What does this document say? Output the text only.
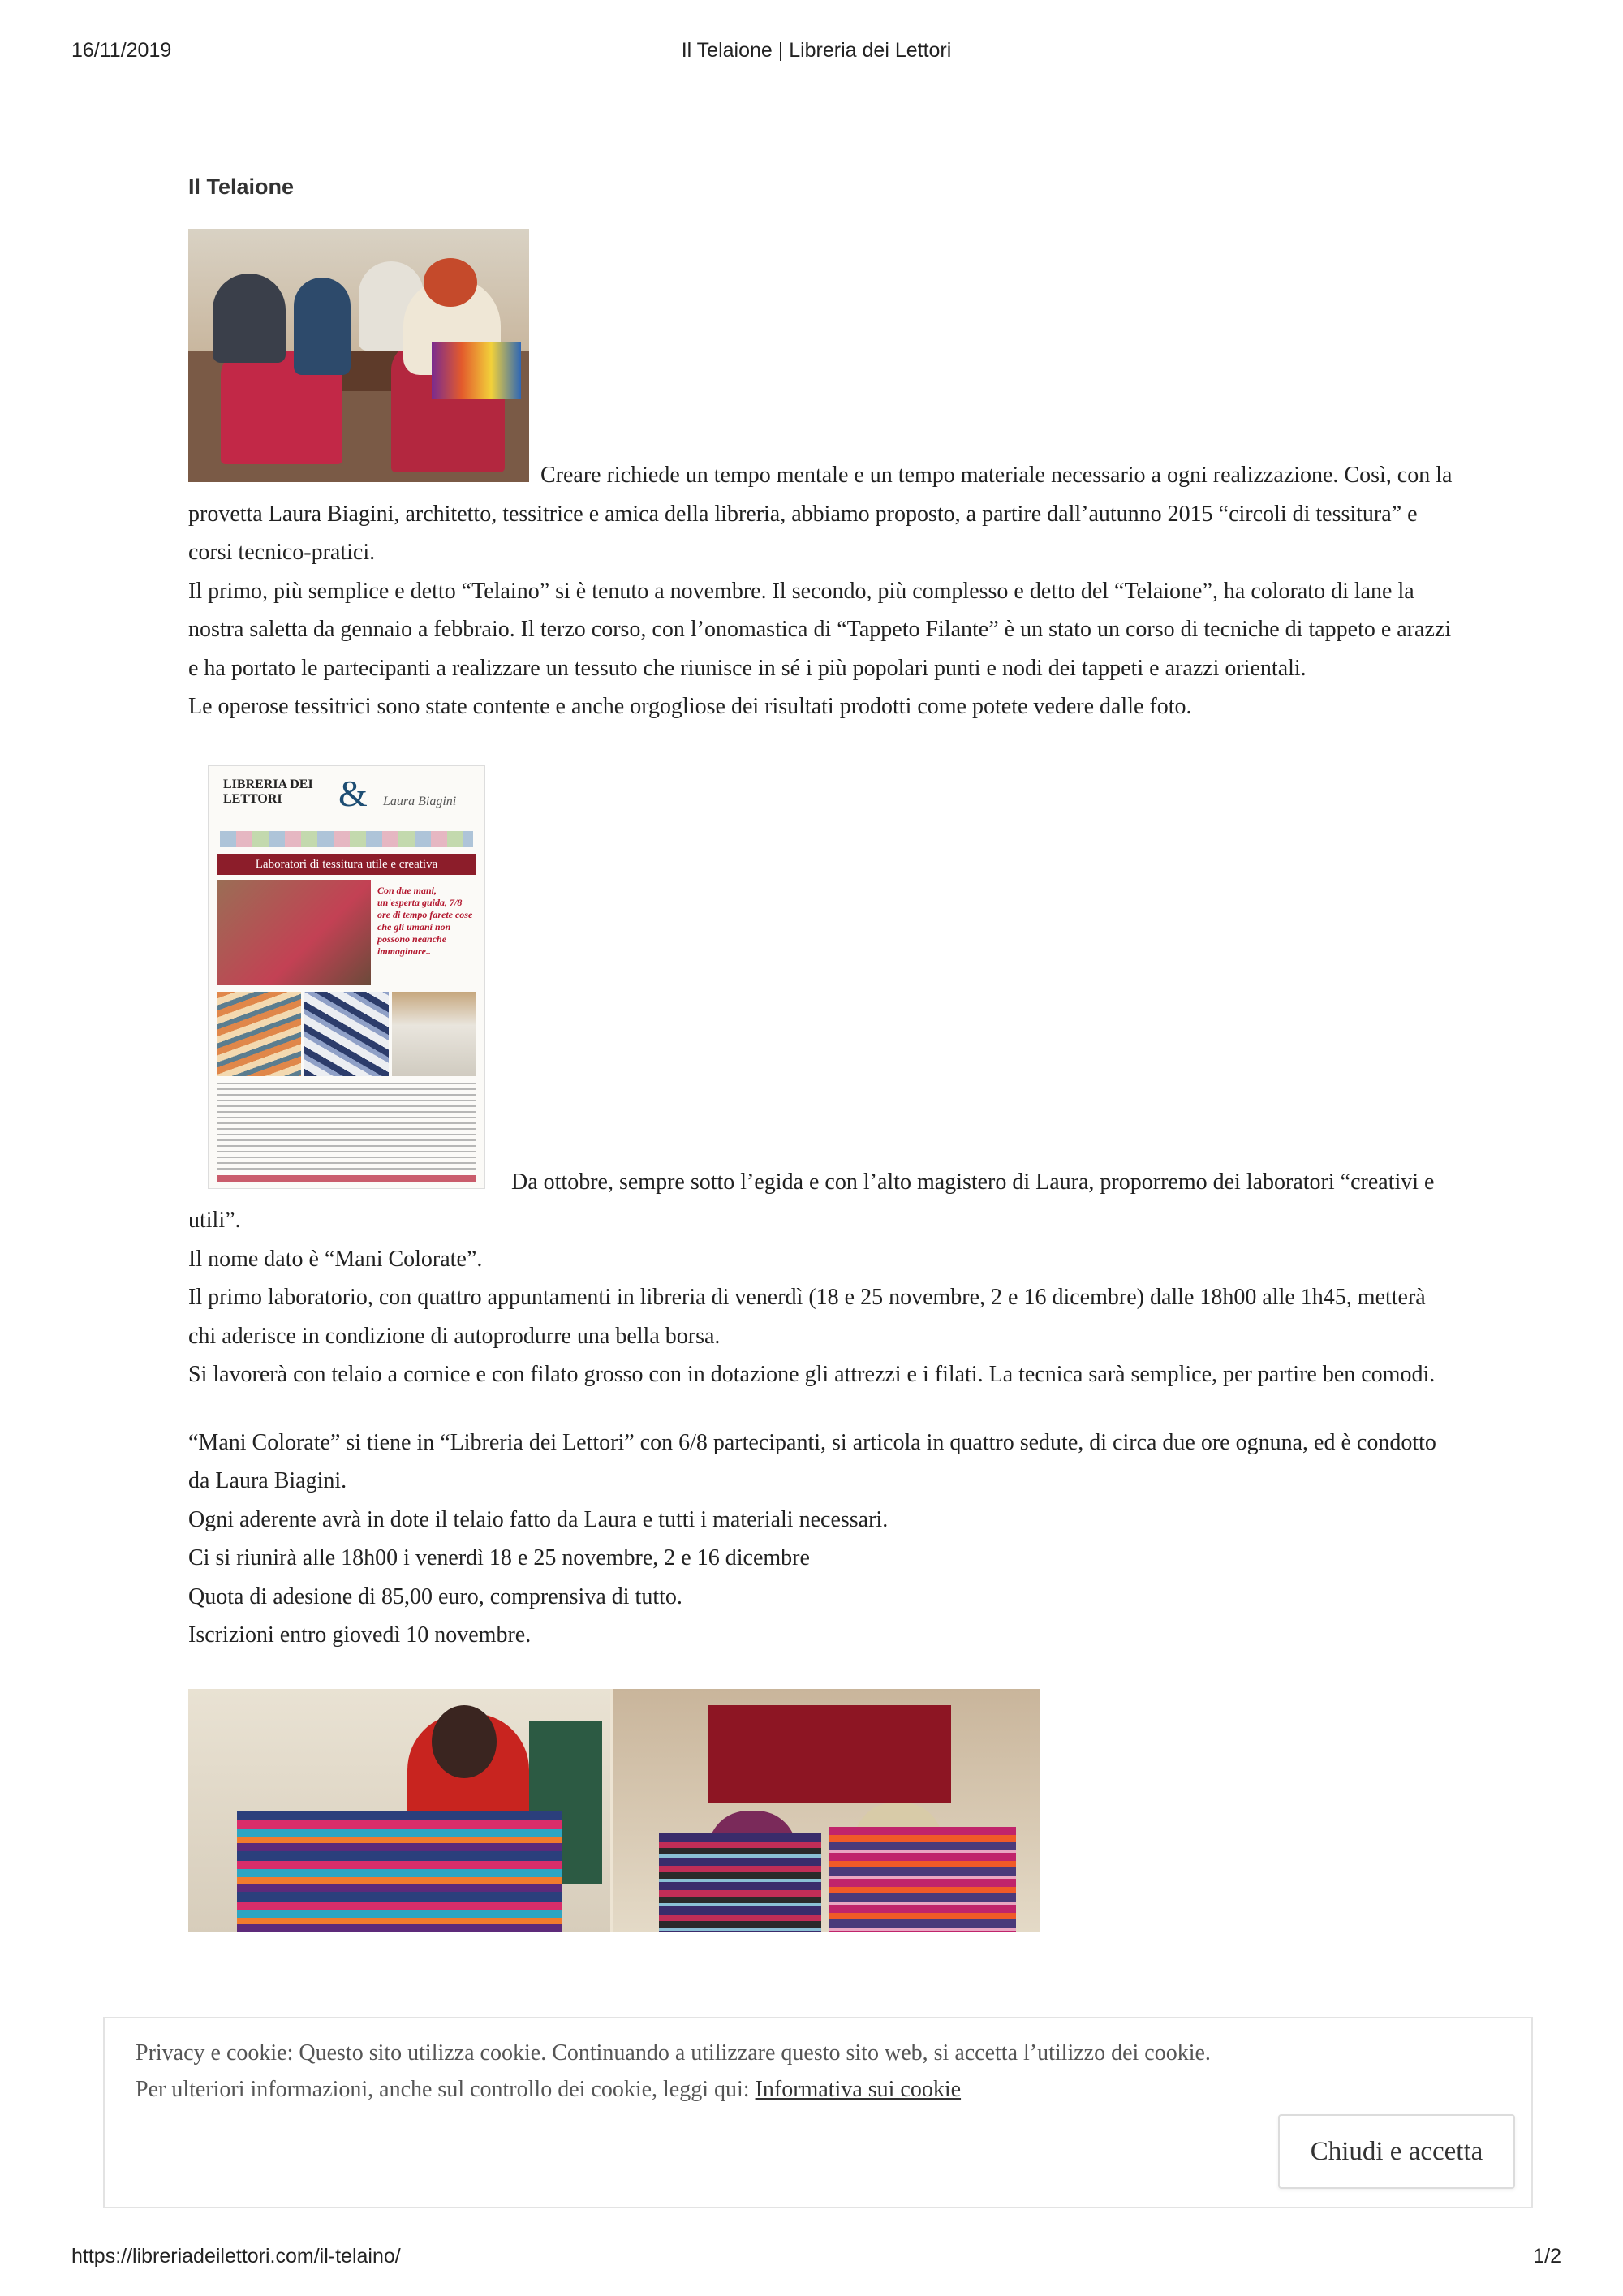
16/11/2019	Il Telaione | Libreria dei Lettori
Il Telaione

Creare richiede un tempo mentale e un tempo materiale necessario a ogni realizzazione. Così, con la provetta Laura Biagini, architetto, tessitrice e amica della libreria, abbiamo proposto, a partire dall’autunno 2015 “circoli di tessitura” e corsi tecnico-pratici.

Il primo, più semplice e detto “Telaino” si è tenuto a novembre. Il secondo, più complesso e detto del “Telaione”, ha colorato di lane la nostra saletta da gennaio a febbraio. Il terzo corso, con l’onomastica di “Tappeto Filante” è un stato un corso di tecniche di tappeto e arazzi e ha portato le partecipanti a realizzare un tessuto che riunisce in sé i più popolari punti e nodi dei tappeti e arazzi orientali.

Le operose tessitrici sono state contente e anche orgogliose dei risultati prodotti come potete vedere dalle foto.

LIBRERIA DEI LETTORI	& Laura Biagini
Laboratori di tessitura utile e creativa
Con due mani, un'esperta guida, 7/8 ore di tempo farete cose che gli umani non possono neanche immaginare..
Da ottobre, sempre sotto l’egida e con l’alto magistero di Laura, proporremo dei laboratori “creativi e utili”.

Il nome dato è “Mani Colorate”.

Il primo laboratorio, con quattro appuntamenti in libreria di venerdì (18 e 25 novembre, 2 e 16 dicembre) dalle 18h00 alle 1h45, metterà chi aderisce in condizione di autoprodurre una bella borsa.

Si lavorerà con telaio a cornice e con filato grosso con in dotazione gli attrezzi e i filati. La tecnica sarà semplice, per partire ben comodi.

“Mani Colorate” si tiene in “Libreria dei Lettori” con 6/8 partecipanti, si articola in quattro sedute, di circa due ore ognuna, ed è condotto da Laura Biagini.

Ogni aderente avrà in dote il telaio fatto da Laura e tutti i materiali necessari.

Ci si riunirà alle 18h00 i venerdì 18 e 25 novembre, 2 e 16 dicembre

Quota di adesione di 85,00 euro, comprensiva di tutto.

Iscrizioni entro giovedì 10 novembre.

Privacy e cookie: Questo sito utilizza cookie. Continuando a utilizzare questo sito web, si accetta l’utilizzo dei cookie.
Per ulteriori informazioni, anche sul controllo dei cookie, leggi qui: Informativa sui cookie
Chiudi e accetta
https://libreriadeilettori.com/il-telaino/	1/2
